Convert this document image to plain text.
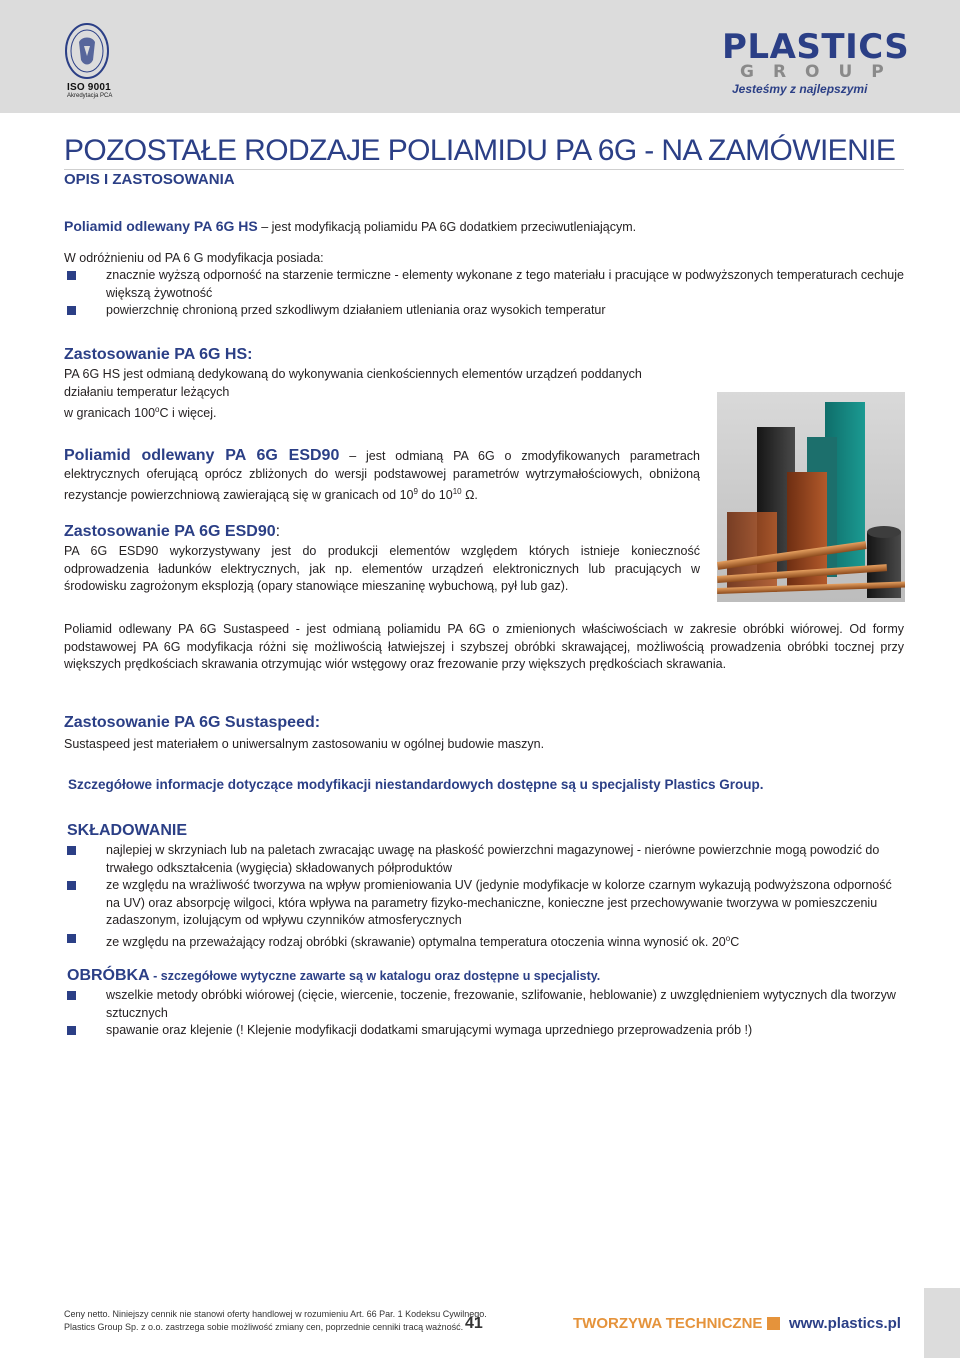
ISO 9001
Akredytacja PCA
PLASTICS
GROUP
Jesteśmy z najlepszymi
POZOSTAŁE RODZAJE POLIAMIDU PA 6G - NA ZAMÓWIENIE
OPIS I ZASTOSOWANIA
Poliamid odlewany PA 6G HS – jest modyfikacją poliamidu PA 6G dodatkiem przeciwutleniającym.
W odróżnieniu od PA 6 G modyfikacja posiada:
znacznie wyższą odporność na starzenie termiczne - elementy wykonane z tego materiału i pracujące w podwyższonych temperaturach cechuje większą żywotność
powierzchnię chronioną przed szkodliwym działaniem utleniania oraz wysokich temperatur
Zastosowanie PA 6G HS:
PA 6G HS jest odmianą dedykowaną do wykonywania cienkościennych elementów urządzeń poddanych
działaniu temperatur leżących
w granicach 100$^o$C i więcej.
Poliamid odlewany PA 6G ESD90 – jest odmianą PA 6G o zmodyfikowanych parametrach elektrycznych oferującą oprócz zbliżonych do wersji podstawowej parametrów wytrzymałościowych, obniżoną rezystancje powierzchniową zawierającą się w granicach od $10^9$ do $10^{10}$ Ω.
Zastosowanie PA 6G ESD90:
PA 6G ESD90 wykorzystywany jest do produkcji elementów względem których istnieje konieczność odprowadzenia ładunków elektrycznych, jak np. elementów urządzeń elektronicznych lub pracujących w środowisku zagrożonym eksplozją (opary stanowiące mieszaninę wybuchową, pył lub gaz).
Poliamid odlewany PA 6G Sustaspeed - jest odmianą poliamidu PA 6G o zmienionych właściwościach w zakresie obróbki wiórowej. Od formy podstawowej PA 6G modyfikacja różni się możliwością łatwiejszej i szybszej obróbki skrawającej, możliwością prowadzenia obróbki tocznej przy większych prędkościach skrawania otrzymując wiór wstęgowy oraz frezowanie przy większych prędkościach skrawania.
Zastosowanie PA 6G Sustaspeed:
Sustaspeed jest materiałem o uniwersalnym zastosowaniu w ogólnej budowie maszyn.
Szczegółowe informacje dotyczące modyfikacji niestandardowych dostępne są u specjalisty Plastics Group.
SKŁADOWANIE
najlepiej w skrzyniach lub na paletach zwracając uwagę na płaskość powierzchni magazynowej - nierówne powierzchnie mogą powodzić do trwałego odkształcenia (wygięcia) składowanych półproduktów
ze względu na wrażliwość tworzywa na wpływ promieniowania UV (jedynie modyfikacje w kolorze czarnym wykazują podwyższona odporność na UV) oraz absorpcję wilgoci, która wpływa na parametry fizyko-mechaniczne, konieczne jest przechowywanie tworzywa w pomieszczeniu zadaszonym, izolującym od wpływu czynników atmosferycznych
ze względu na przeważający rodzaj obróbki (skrawanie) optymalna temperatura otoczenia winna wynosić ok. 20$^o$C
OBRÓBKA - szczegółowe wytyczne zawarte są w katalogu oraz dostępne u specjalisty.
wszelkie metody obróbki wiórowej (cięcie, wiercenie, toczenie, frezowanie, szlifowanie, heblowanie) z uwzględnieniem wytycznych dla tworzyw sztucznych
spawanie oraz klejenie (! Klejenie modyfikacji dodatkami smarującymi wymaga uprzedniego przeprowadzenia prób !)
Ceny netto. Niniejszy cennik nie stanowi oferty handlowej w rozumieniu Art. 66 Par. 1 Kodeksu Cywilnego.
Plastics Group Sp. z o.o. zastrzega sobie możliwość zmiany cen, poprzednie cenniki tracą ważność. 41	TWORZYWA TECHNICZNE www.plastics.pl
